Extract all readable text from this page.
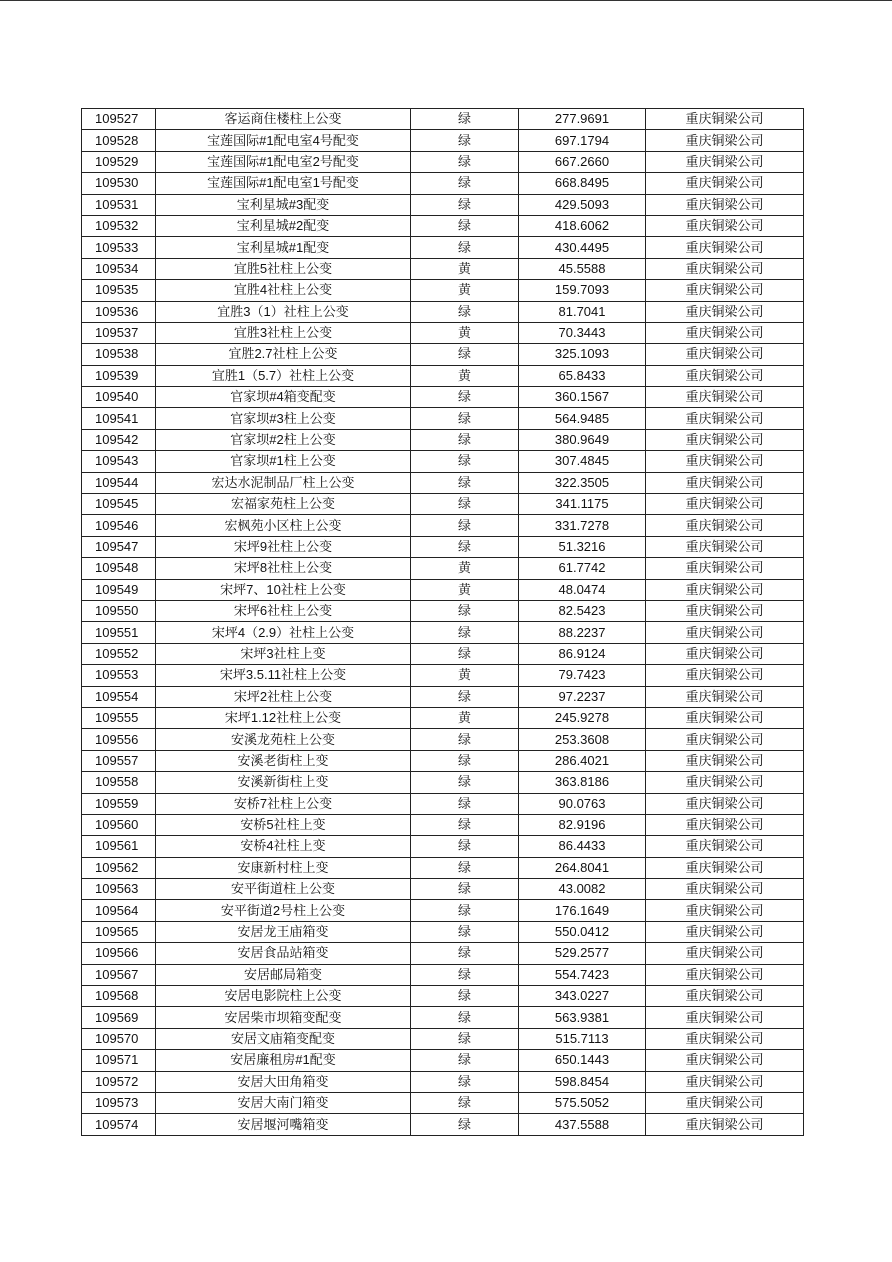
109527	客运商住楼柱上公变	绿	277.9691	重庆铜梁公司
109528	宝莲国际#1配电室4号配变	绿	697.1794	重庆铜梁公司
109529	宝莲国际#1配电室2号配变	绿	667.2660	重庆铜梁公司
109530	宝莲国际#1配电室1号配变	绿	668.8495	重庆铜梁公司
109531	宝利星城#3配变	绿	429.5093	重庆铜梁公司
109532	宝利星城#2配变	绿	418.6062	重庆铜梁公司
109533	宝利星城#1配变	绿	430.4495	重庆铜梁公司
109534	宜胜5社柱上公变	黄	45.5588	重庆铜梁公司
109535	宜胜4社柱上公变	黄	159.7093	重庆铜梁公司
109536	宜胜3（1）社柱上公变	绿	81.7041	重庆铜梁公司
109537	宜胜3社柱上公变	黄	70.3443	重庆铜梁公司
109538	宜胜2.7社柱上公变	绿	325.1093	重庆铜梁公司
109539	宜胜1（5.7）社柱上公变	黄	65.8433	重庆铜梁公司
109540	官家坝#4箱变配变	绿	360.1567	重庆铜梁公司
109541	官家坝#3柱上公变	绿	564.9485	重庆铜梁公司
109542	官家坝#2柱上公变	绿	380.9649	重庆铜梁公司
109543	官家坝#1柱上公变	绿	307.4845	重庆铜梁公司
109544	宏达水泥制品厂柱上公变	绿	322.3505	重庆铜梁公司
109545	宏福家苑柱上公变	绿	341.1175	重庆铜梁公司
109546	宏枫苑小区柱上公变	绿	331.7278	重庆铜梁公司
109547	宋坪9社柱上公变	绿	51.3216	重庆铜梁公司
109548	宋坪8社柱上公变	黄	61.7742	重庆铜梁公司
109549	宋坪7、10社柱上公变	黄	48.0474	重庆铜梁公司
109550	宋坪6社柱上公变	绿	82.5423	重庆铜梁公司
109551	宋坪4（2.9）社柱上公变	绿	88.2237	重庆铜梁公司
109552	宋坪3社柱上变	绿	86.9124	重庆铜梁公司
109553	宋坪3.5.11社柱上公变	黄	79.7423	重庆铜梁公司
109554	宋坪2社柱上公变	绿	97.2237	重庆铜梁公司
109555	宋坪1.12社柱上公变	黄	245.9278	重庆铜梁公司
109556	安溪龙苑柱上公变	绿	253.3608	重庆铜梁公司
109557	安溪老街柱上变	绿	286.4021	重庆铜梁公司
109558	安溪新街柱上变	绿	363.8186	重庆铜梁公司
109559	安桥7社柱上公变	绿	90.0763	重庆铜梁公司
109560	安桥5社柱上变	绿	82.9196	重庆铜梁公司
109561	安桥4社柱上变	绿	86.4433	重庆铜梁公司
109562	安康新村柱上变	绿	264.8041	重庆铜梁公司
109563	安平街道柱上公变	绿	43.0082	重庆铜梁公司
109564	安平街道2号柱上公变	绿	176.1649	重庆铜梁公司
109565	安居龙王庙箱变	绿	550.0412	重庆铜梁公司
109566	安居食品站箱变	绿	529.2577	重庆铜梁公司
109567	安居邮局箱变	绿	554.7423	重庆铜梁公司
109568	安居电影院柱上公变	绿	343.0227	重庆铜梁公司
109569	安居柴市坝箱变配变	绿	563.9381	重庆铜梁公司
109570	安居文庙箱变配变	绿	515.7113	重庆铜梁公司
109571	安居廉租房#1配变	绿	650.1443	重庆铜梁公司
109572	安居大田角箱变	绿	598.8454	重庆铜梁公司
109573	安居大南门箱变	绿	575.5052	重庆铜梁公司
109574	安居堰河嘴箱变	绿	437.5588	重庆铜梁公司
